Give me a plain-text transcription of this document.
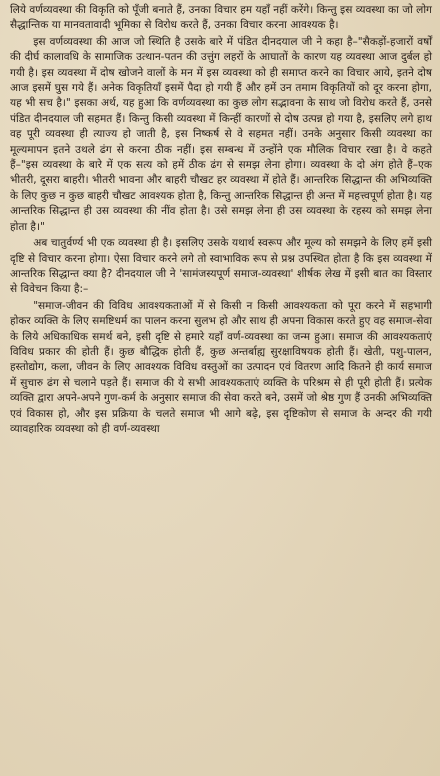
लिये वर्णव्यवस्था की विकृति को पूँजी बनाते हैं, उनका विचार हम यहाँ नहीं करेंगे। किन्तु इस व्यवस्था का जो लोग सैद्धान्तिक या मानवतावादी भूमिका से विरोध करते हैं, उनका विचार करना आवश्यक है।

इस वर्णव्यवस्था की आज जो स्थिति है उसके बारे में पंडित दीनदयाल जी ने कहा है–"सैकड़ों-हजारों वर्षों की दीर्घ कालावधि के सामाजिक उत्थान-पतन की उत्तुंग लहरों के आघातों के कारण यह व्यवस्था आज दुर्बल हो गयी है। इस व्यवस्था में दोष खोजने वालों के मन में इस व्यवस्था को ही समाप्त करने का विचार आये, इतने दोष आज इसमें घुस गये हैं। अनेक विकृतियाँ इसमें पैदा हो गयी हैं और हमें उन तमाम विकृतियों को दूर करना होगा, यह भी सच है।" इसका अर्थ, यह हुआ कि वर्णव्यवस्था का कुछ लोग सद्भावना के साथ जो विरोध करते हैं, उनसे पंडित दीनदयाल जी सहमत हैं। किन्तु किसी व्यवस्था में किन्हीं कारणों से दोष उत्पन्न हो गया है, इसलिए लगे हाथ वह पूरी व्यवस्था ही त्याज्य हो जाती है, इस निष्कर्ष से वे सहमत नहीं। उनके अनुसार किसी व्यवस्था का मूल्यमापन इतने उथले ढंग से करना ठीक नहीं। इस सम्बन्ध में उन्होंने एक मौलिक विचार रखा है। वे कहते हैं–"इस व्यवस्था के बारे में एक सत्य को हमें ठीक ढंग से समझ लेना होगा। व्यवस्था के दो अंग होते हैं–एक भीतरी, दूसरा बाहरी। भीतरी भावना और बाहरी चौखट हर व्यवस्था में होते हैं। आन्तरिक सिद्धान्त की अभिव्यक्ति के लिए कुछ न कुछ बाहरी चौखट आवश्यक होता है, किन्तु आन्तरिक सिद्धान्त ही अन्त में महत्त्वपूर्ण होता है। यह आन्तरिक सिद्धान्त ही उस व्यवस्था की नींव होता है। उसे समझ लेना ही उस व्यवस्था के रहस्य को समझ लेना होता है।"

अब चातुर्वर्ण्य भी एक व्यवस्था ही है। इसलिए उसके यथार्थ स्वरूप और मूल्य को समझने के लिए हमें इसी दृष्टि से विचार करना होगा। ऐसा विचार करने लगे तो स्वाभाविक रूप से प्रश्न उपस्थित होता है कि इस व्यवस्था में आन्तरिक सिद्धान्त क्या है? दीनदयाल जी ने 'सामंजस्यपूर्ण समाज-व्यवस्था' शीर्षक लेख में इसी बात का विस्तार से विवेचन किया है:–

"समाज-जीवन की विविध आवश्यकताओं में से किसी न किसी आवश्यकता को पूरा करने में सहभागी होकर व्यक्ति के लिए समष्टिधर्म का पालन करना सुलभ हो और साथ ही अपना विकास करते हुए वह समाज-सेवा के लिये अधिकाधिक समर्थ बने, इसी दृष्टि से हमारे यहाँ वर्ण-व्यवस्था का जन्म हुआ। समाज की आवश्यकताएं विविध प्रकार की होती हैं। कुछ बौद्धिक होती हैं, कुछ अन्तर्बाह्य सुरक्षाविषयक होती हैं। खेती, पशु-पालन, हस्तोद्योग, कला, जीवन के लिए आवश्यक विविध वस्तुओं का उत्पादन एवं वितरण आदि कितने ही कार्य समाज में सुचारु ढंग से चलाने पड़ते हैं। समाज की ये सभी आवश्यकताएं व्यक्ति के परिश्रम से ही पूरी होती हैं। प्रत्येक व्यक्ति द्वारा अपने-अपने गुण-कर्म के अनुसार समाज की सेवा करते बने, उसमें जो श्रेष्ठ गुण हैं उनकी अभिव्यक्ति एवं विकास हो, और इस प्रक्रिया के चलते समाज भी आगे बढ़े, इस दृष्टिकोण से समाज के अन्दर की गयी व्यावहारिक व्यवस्था को ही वर्ण-व्यवस्था
